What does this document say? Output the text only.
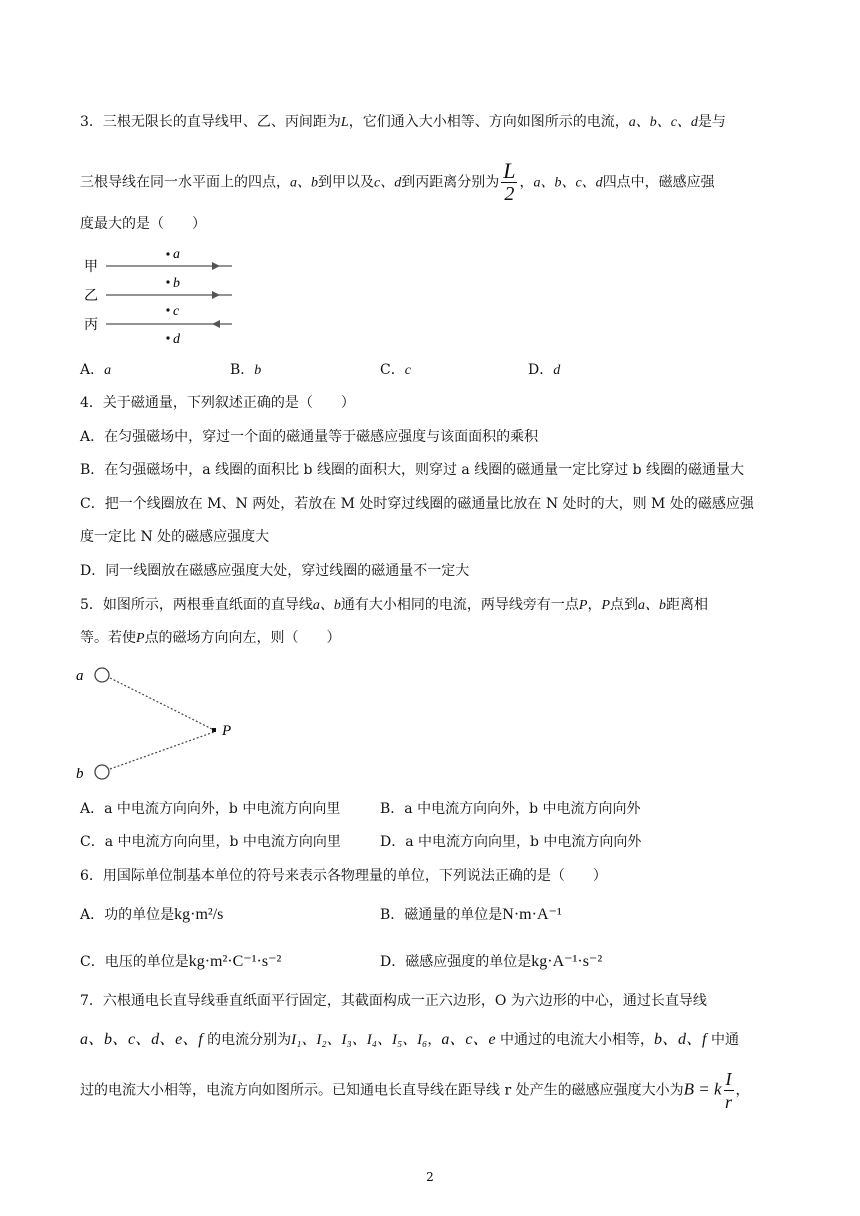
3．三根无限长的直导线甲、乙、丙间距为L，它们通入大小相等、方向如图所示的电流，a、b、c、d是与
三根导线在同一水平面上的四点，a、b到甲以及c、d到丙距离分别为 $\frac{L}{2}$ ，a、b、c、d四点中，磁感应强
度最大的是（　　）
甲
乙
丙
a
b
c
d
A．a	B．b	C．c	D．d
4．关于磁通量，下列叙述正确的是（　　）
A．在匀强磁场中，穿过一个面的磁通量等于磁感应强度与该面面积的乘积
B．在匀强磁场中，a 线圈的面积比 b 线圈的面积大，则穿过 a 线圈的磁通量一定比穿过 b 线圈的磁通量大
C．把一个线圈放在 M、N 两处，若放在 M 处时穿过线圈的磁通量比放在 N 处时的大，则 M 处的磁感应强
度一定比 N 处的磁感应强度大
D．同一线圈放在磁感应强度大处，穿过线圈的磁通量不一定大
5．如图所示，两根垂直纸面的直导线a、b通有大小相同的电流，两导线旁有一点P，P点到a、b距离相
等。若使P点的磁场方向向左，则（　　）
a
b
P
A．a 中电流方向向外，b 中电流方向向里	B．a 中电流方向向外，b 中电流方向向外
C．a 中电流方向向里，b 中电流方向向里	D．a 中电流方向向里，b 中电流方向向外
6．用国际单位制基本单位的符号来表示各物理量的单位，下列说法正确的是（　　）
A．功的单位是kg·m²/s	B．磁通量的单位是N·m·A⁻¹
C．电压的单位是kg·m²·C⁻¹·s⁻²	D．磁感应强度的单位是kg·A⁻¹·s⁻²
7．六根通电长直导线垂直纸面平行固定，其截面构成一正六边形，O 为六边形的中心，通过长直导线
a、b、c、d、e、f 的电流分别为I₁、I₂、I₃、I₄、I₅、I₆，a、c、e 中通过的电流大小相等，b、d、f 中通
过的电流大小相等，电流方向如图所示。已知通电长直导线在距导线 r 处产生的磁感应强度大小为B = k $\frac{I}{r}$ ，
2
